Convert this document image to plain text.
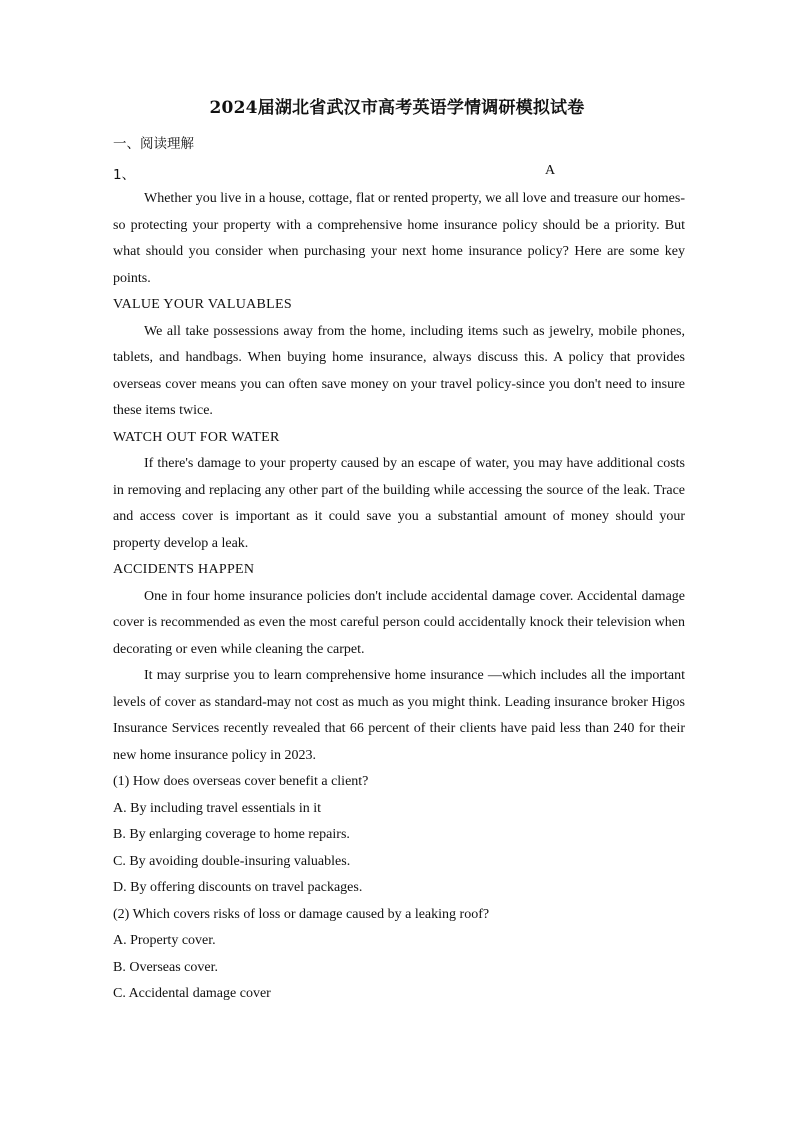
2024届湖北省武汉市高考英语学情调研模拟试卷
一、阅读理解
1、	A

Whether you live in a house, cottage, flat or rented property, we all love and treasure our homes-so protecting your property with a comprehensive home insurance policy should be a priority. But what should you consider when purchasing your next home insurance policy? Here are some key points.

VALUE YOUR VALUABLES

We all take possessions away from the home, including items such as jewelry, mobile phones, tablets, and handbags. When buying home insurance, always discuss this. A policy that provides overseas cover means you can often save money on your travel policy-since you don't need to insure these items twice.

WATCH OUT FOR WATER

If there's damage to your property caused by an escape of water, you may have additional costs in removing and replacing any other part of the building while accessing the source of the leak. Trace and access cover is important as it could save you a substantial amount of money should your property develop a leak.

ACCIDENTS HAPPEN

One in four home insurance policies don't include accidental damage cover. Accidental damage cover is recommended as even the most careful person could accidentally knock their television when decorating or even while cleaning the carpet.

It may surprise you to learn comprehensive home insurance —which includes all the important levels of cover as standard-may not cost as much as you might think. Leading insurance broker Higos Insurance Services recently revealed that 66 percent of their clients have paid less than 240 for their new home insurance policy in 2023.

(1) How does overseas cover benefit a client?
A. By including travel essentials in it
B. By enlarging coverage to home repairs.
C. By avoiding double-insuring valuables.
D. By offering discounts on travel packages.
(2) Which covers risks of loss or damage caused by a leaking roof?
A. Property cover.
B. Overseas cover.
C. Accidental damage cover
